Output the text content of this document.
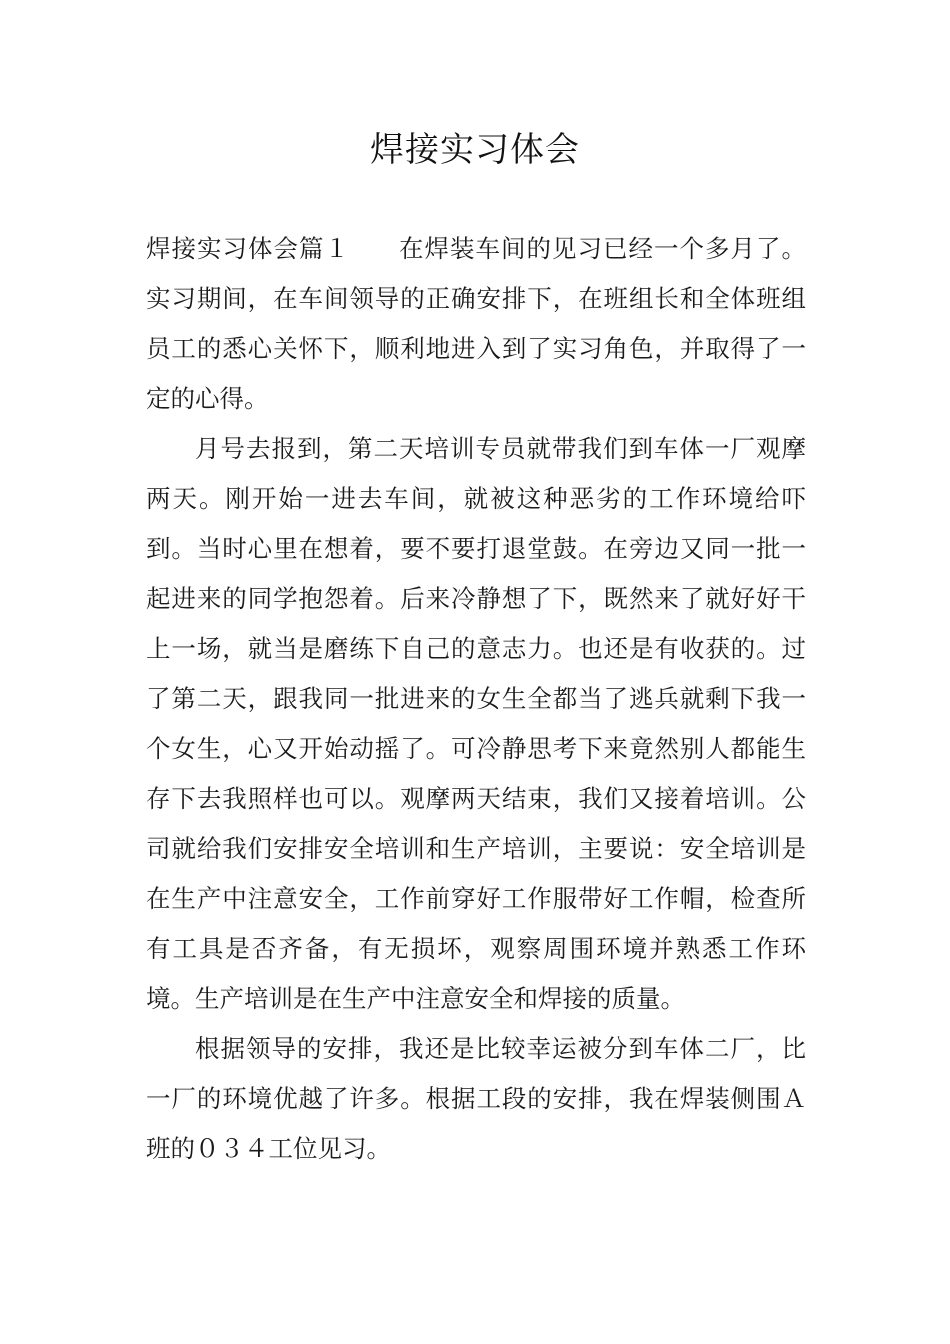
焊接实习体会

焊接实习体会篇１ 在焊装车间的见习已经一个多月了。实习期间，在车间领导的正确安排下，在班组长和全体班组员工的悉心关怀下，顺利地进入到了实习角色，并取得了一定的心得。

月号去报到，第二天培训专员就带我们到车体一厂观摩两天。刚开始一进去车间，就被这种恶劣的工作环境给吓到。当时心里在想着，要不要打退堂鼓。在旁边又同一批一起进来的同学抱怨着。后来冷静想了下，既然来了就好好干上一场，就当是磨练下自己的意志力。也还是有收获的。过了第二天，跟我同一批进来的女生全都当了逃兵就剩下我一个女生，心又开始动摇了。可冷静思考下来竟然别人都能生存下去我照样也可以。观摩两天结束，我们又接着培训。公司就给我们安排安全培训和生产培训，主要说：安全培训是在生产中注意安全，工作前穿好工作服带好工作帽，检查所有工具是否齐备，有无损坏，观察周围环境并熟悉工作环境。生产培训是在生产中注意安全和焊接的质量。

根据领导的安排，我还是比较幸运被分到车体二厂，比一厂的环境优越了许多。根据工段的安排，我在焊装侧围Ａ班的０３４工位见习。
